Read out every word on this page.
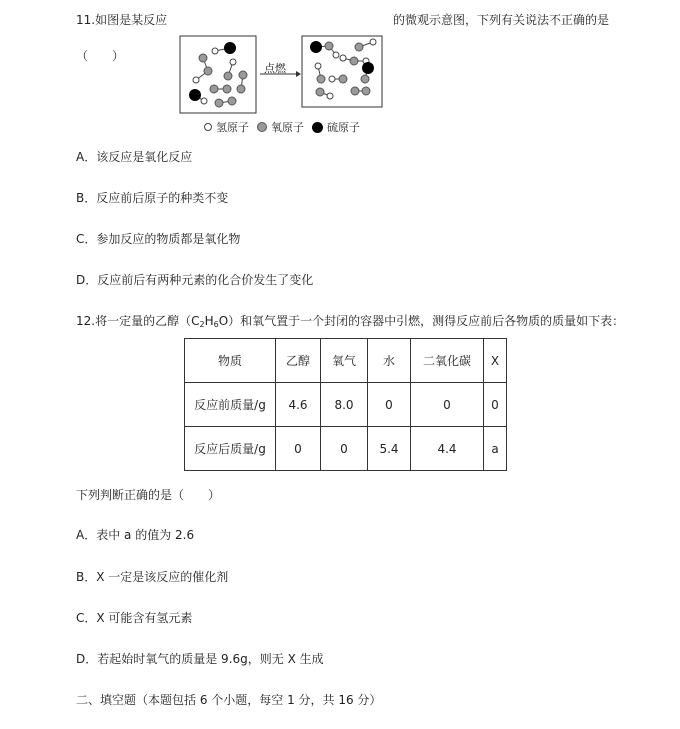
11.如图是某反应	的微观示意图，下列有关说法不正确的是
（　　）
点燃
氢原子 氧原子 硫原子
A．该反应是氧化反应
B．反应前后原子的种类不变
C．参加反应的物质都是氧化物
D．反应前后有两种元素的化合价发生了变化
12.将一定量的乙醇$(C_2H_6O)$和氧气置于一个封闭的容器中引燃，测得反应前后各物质的质量如下表：
物质	乙醇	氧气	水	二氧化碳	X
反应前质量/g	4.6	8.0	0	0	0
反应后质量/g	0	0	5.4	4.4	a
下列判断正确的是（　　）
A．表中 a 的值为 2.6
B．X 一定是该反应的催化剂
C．X 可能含有氢元素
D．若起始时氧气的质量是 9.6g，则无 X 生成
二、填空题（本题包括 6 个小题，每空 1 分，共 16 分）
